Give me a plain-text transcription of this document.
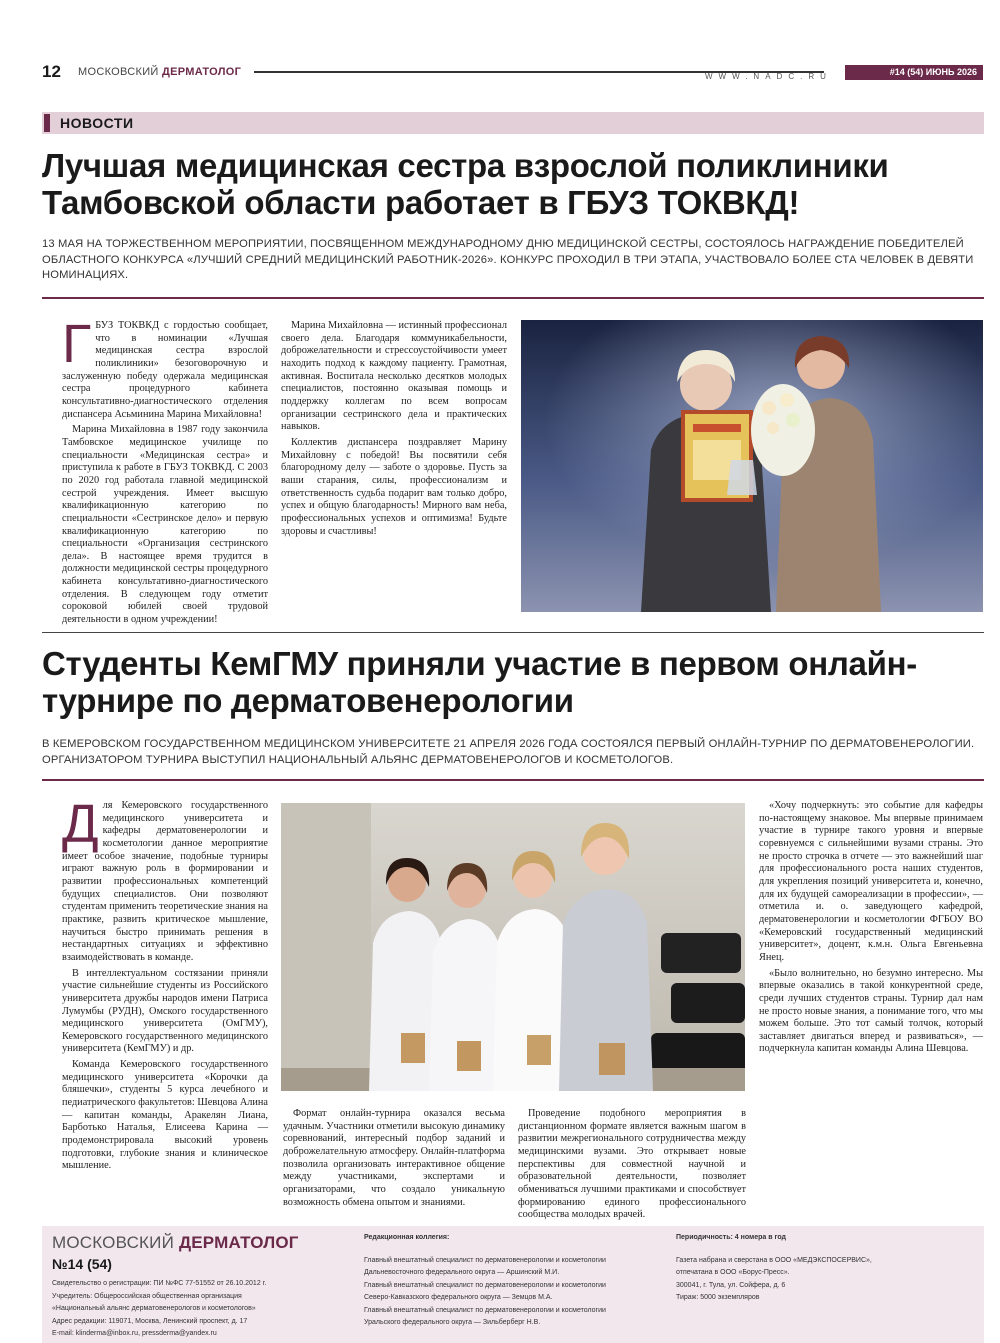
12 МОСКОВСКИЙ ДЕРМАТОЛОГ	WWW.NADC.RU	#14 (54) ИЮНЬ 2026
НОВОСТИ
Лучшая медицинская сестра взрослой поликлиники Тамбовской области работает в ГБУЗ ТОКВКД!
13 МАЯ НА ТОРЖЕСТВЕННОМ МЕРОПРИЯТИИ, ПОСВЯЩЕННОМ МЕЖДУНАРОДНОМУ ДНЮ МЕДИЦИНСКОЙ СЕСТРЫ, СОСТОЯЛОСЬ НАГРАЖДЕНИЕ ПОБЕДИТЕЛЕЙ ОБЛАСТНОГО КОНКУРСА «ЛУЧШИЙ СРЕДНИЙ МЕДИЦИНСКИЙ РАБОТНИК-2026». КОНКУРС ПРОХОДИЛ В ТРИ ЭТАПА, УЧАСТВОВАЛО БОЛЕЕ СТА ЧЕЛОВЕК В ДЕВЯТИ НОМИНАЦИЯХ.

ГБУЗ ТОКВКД с гордостью сообщает, что в номинации «Лучшая медицинская сестра взрослой поликлиники» безоговорочную и заслуженную победу одержала медицинская сестра процедурного кабинета консультативно-диагностического отделения диспансера Асьминина Марина Михайловна!

Марина Михайловна в 1987 году закончила Тамбовское медицинское училище по специальности «Медицинская сестра» и приступила к работе в ГБУЗ ТОКВКД. С 2003 по 2020 год работала главной медицинской сестрой учреждения. Имеет высшую квалификационную категорию по специальности «Сестринское дело» и первую квалификационную категорию по специальности «Организация сестринского дела». В настоящее время трудится в должности медицинской сестры процедурного кабинета консультативно-диагностического отделения. В следующем году отметит сороковой юбилей своей трудовой деятельности в одном учреждении!

Марина Михайловна — истинный профессионал своего дела. Благодаря коммуникабельности, доброжелательности и стрессоустойчивости умеет находить подход к каждому пациенту. Грамотная, активная. Воспитала несколько десятков молодых специалистов, постоянно оказывая помощь и поддержку коллегам по всем вопросам организации сестринского дела и практических навыков.

Коллектив диспансера поздравляет Марину Михайловну с победой! Вы посвятили себя благородному делу — заботе о здоровье. Пусть за ваши старания, силы, профессионализм и ответственность судьба подарит вам только добро, успех и общую благодарность! Мирного вам неба, профессиональных успехов и оптимизма! Будьте здоровы и счастливы!

Студенты КемГМУ приняли участие в первом онлайн-турнире по дерматовенерологии
В КЕМЕРОВСКОМ ГОСУДАРСТВЕННОМ МЕДИЦИНСКОМ УНИВЕРСИТЕТЕ 21 АПРЕЛЯ 2026 ГОДА СОСТОЯЛСЯ ПЕРВЫЙ ОНЛАЙН-ТУРНИР ПО ДЕРМАТОВЕНЕРОЛОГИИ. ОРГАНИЗАТОРОМ ТУРНИРА ВЫСТУПИЛ НАЦИОНАЛЬНЫЙ АЛЬЯНС ДЕРМАТОВЕНЕРОЛОГОВ И КОСМЕТОЛОГОВ.

Для Кемеровского государственного медицинского университета и кафедры дерматовенерологии и косметологии данное мероприятие имеет особое значение, подобные турниры играют важную роль в формировании и развитии профессиональных компетенций будущих специалистов. Они позволяют студентам применить теоретические знания на практике, развить критическое мышление, научиться быстро принимать решения в нестандартных ситуациях и эффективно взаимодействовать в команде.

В интеллектуальном состязании приняли участие сильнейшие студенты из Российского университета дружбы народов имени Патриса Лумумбы (РУДН), Омского государственного медицинского университета (ОмГМУ), Кемеровского государственного медицинского университета (КемГМУ) и др.

Команда Кемеровского государственного медицинского университета «Корочки да бляшечки», студенты 5 курса лечебного и педиатрического факультетов: Шевцова Алина — капитан команды, Аракелян Лиана, Барботько Наталья, Елисеева Карина — продемонстрировала высокий уровень подготовки, глубокие знания и клиническое мышление.

Формат онлайн-турнира оказался весьма удачным. Участники отметили высокую динамику соревнований, интересный подбор заданий и доброжелательную атмосферу. Онлайн-платформа позволила организовать интерактивное общение между участниками, экспертами и организаторами, что создало уникальную возможность обмена опытом и знаниями.

Проведение подобного мероприятия в дистанционном формате является важным шагом в развитии межрегионального сотрудничества между медицинскими вузами. Это открывает новые перспективы для совместной научной и образовательной деятельности, позволяет обмениваться лучшими практиками и способствует формированию единого профессионального сообщества молодых врачей.

«Хочу подчеркнуть: это событие для кафедры по-настоящему знаковое. Мы впервые принимаем участие в турнире такого уровня и впервые соревнуемся с сильнейшими вузами страны. Это не просто строчка в отчете — это важнейший шаг для профессионального роста наших студентов, для укрепления позиций университета и, конечно, для их будущей самореализации в профессии», — отметила и. о. заведующего кафедрой, дерматовенерологии и косметологии ФГБОУ ВО «Кемеровский государственный медицинский университет», доцент, к.м.н. Ольга Евгеньевна Янец.

«Было волнительно, но безумно интересно. Мы впервые оказались в такой конкурентной среде, среди лучших студентов страны. Турнир дал нам не просто новые знания, а понимание того, что мы можем больше. Это тот самый толчок, который заставляет двигаться вперед и развиваться», — подчеркнула капитан команды Алина Шевцова.

МОСКОВСКИЙ ДЕРМАТОЛОГ
№14 (54)
Свидетельство о регистрации: ПИ №ФС 77-51552 от 26.10.2012 г.
Учредитель: Общероссийская общественная организация
«Национальный альянс дерматовенерологов и косметологов»
Адрес редакции: 119071, Москва, Ленинский проспект, д. 17
E-mail: klinderma@inbox.ru, pressderma@yandex.ru
Редакционная коллегия:
Главный внештатный специалист по дерматовенерологии и косметологии
Дальневосточного федерального округа — Аршинский М.И.
Главный внештатный специалист по дерматовенерологии и косметологии
Северо-Кавказского федерального округа — Земцов М.А.
Главный внештатный специалист по дерматовенерологии и косметологии
Уральского федерального округа — Зильберберг Н.В.
Периодичность: 4 номера в год
Газета набрана и сверстана в ООО «МЕДЭКСПОСЕРВИС»,
отпечатана в ООО «Борус-Пресс».
300041, г. Тула, ул. Сойфера, д. 6
Тираж: 5000 экземпляров
